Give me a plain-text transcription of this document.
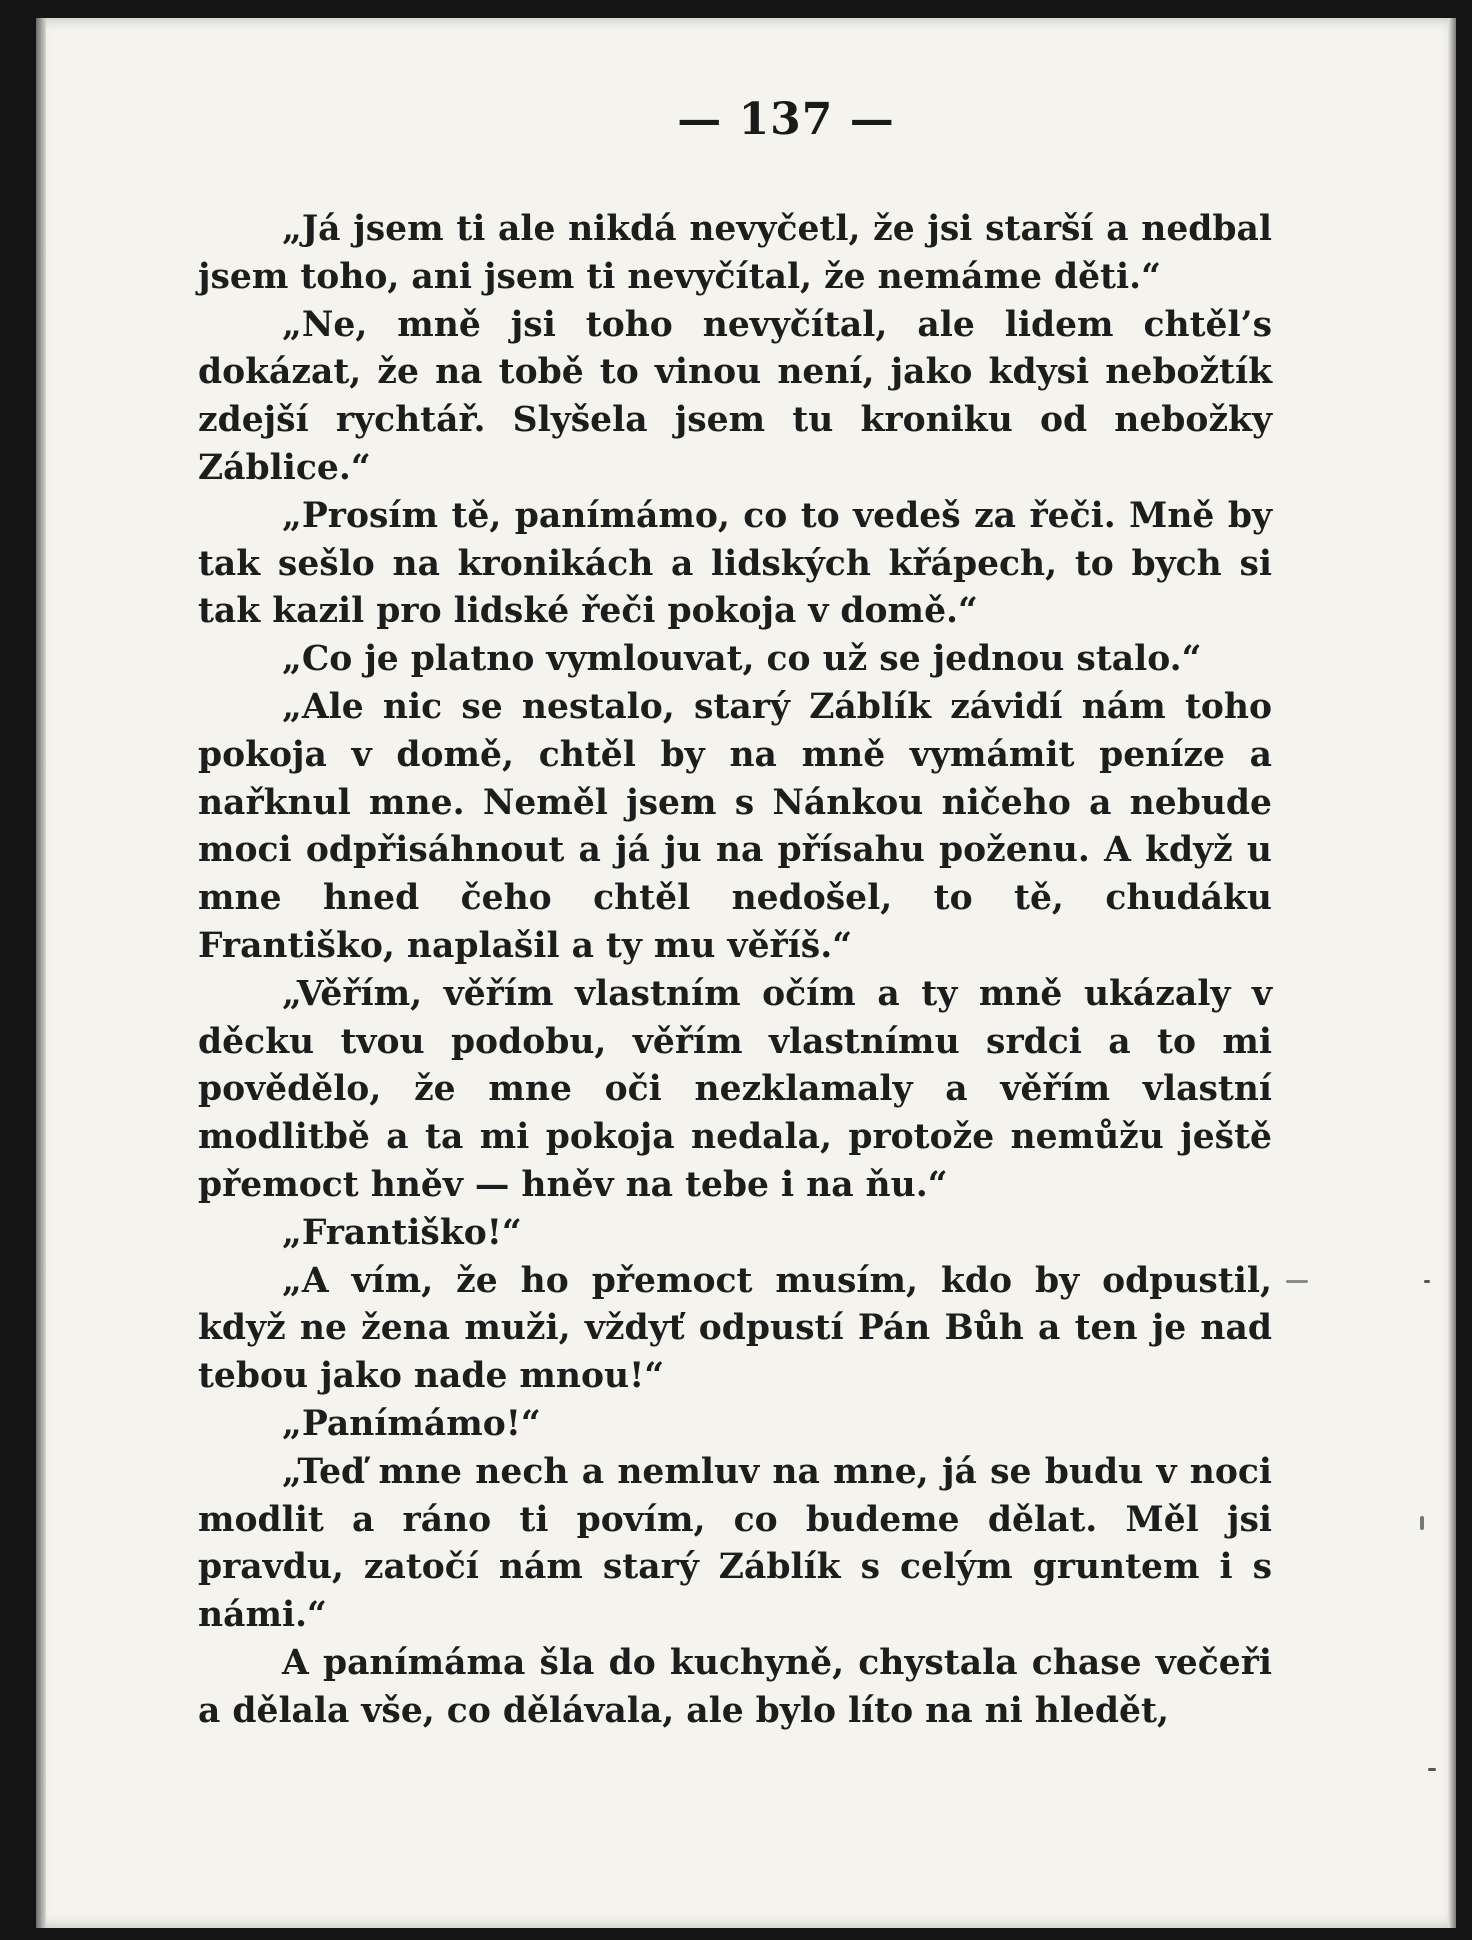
— 137 —

„Já jsem ti ale nikdá nevyčetl, že jsi starší a nedbal jsem toho, ani jsem ti nevyčítal, že nemáme děti.“

„Ne, mně jsi toho nevyčítal, ale lidem chtěl’s dokázat, že na tobě to vinou není, jako kdysi nebožtík zdejší rychtář. Slyšela jsem tu kroniku od nebožky Záblice.“

„Prosím tě, panímámo, co to vedeš za řeči. Mně by tak sešlo na kronikách a lidských křápech, to bych si tak kazil pro lidské řeči pokoja v domě.“

„Co je platno vymlouvat, co už se jednou stalo.“

„Ale nic se nestalo, starý Záblík závidí nám toho pokoja v domě, chtěl by na mně vymámit peníze a nařknul mne. Neměl jsem s Nánkou ničeho a nebude moci odpřisáhnout a já ju na přísahu poženu. A když u mne hned čeho chtěl nedošel, to tě, chudáku Františko, naplašil a ty mu věříš.“

„Věřím, věřím vlastním očím a ty mně ukázaly v děcku tvou podobu, věřím vlastnímu srdci a to mi povědělo, že mne oči nezklamaly a věřím vlastní modlitbě a ta mi pokoja nedala, protože nemůžu ještě přemoct hněv — hněv na tebe i na ňu.“

„Františko!“

„A vím, že ho přemoct musím, kdo by odpustil, když ne žena muži, vždyť odpustí Pán Bůh a ten je nad tebou jako nade mnou!“

„Panímámo!“

„Teď mne nech a nemluv na mne, já se budu v noci modlit a ráno ti povím, co budeme dělat. Měl jsi pravdu, zatočí nám starý Záblík s celým gruntem i s námi.“

A panímáma šla do kuchyně, chystala chase večeři a dělala vše, co dělávala, ale bylo líto na ni hledět,
